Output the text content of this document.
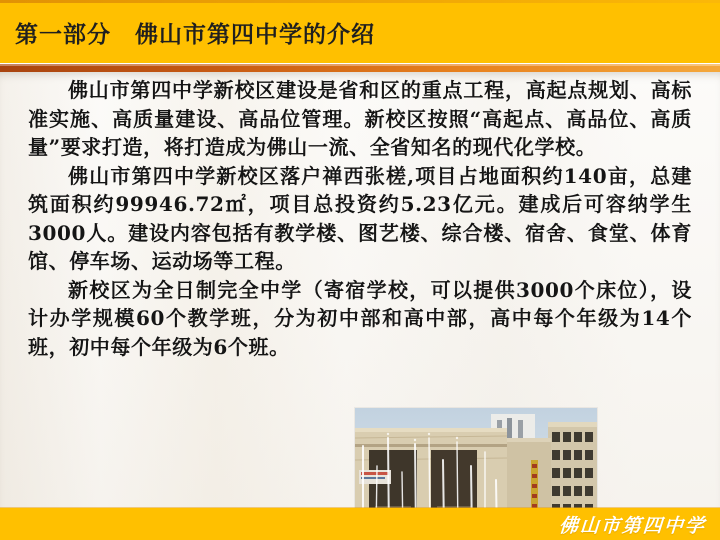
第一部分　佛山市第四中学的介绍

佛山市第四中学新校区建设是省和区的重点工程，高起点规划、高标准实施、高质量建设、高品位管理。新校区按照“高起点、高品位、高质量”要求打造，将打造成为佛山一流、全省知名的现代化学校。

佛山市第四中学新校区落户禅西张槎,项目占地面积约140亩，总建筑面积约99946.72㎡，项目总投资约5.23亿元。建成后可容纳学生3000人。建设内容包括有教学楼、图艺楼、综合楼、宿舍、食堂、体育馆、停车场、运动场等工程。

新校区为全日制完全中学（寄宿学校，可以提供3000个床位），设计办学规模60个教学班，分为初中部和高中部，高中每个年级为14个班，初中每个年级为6个班。

佛山市第四中学
